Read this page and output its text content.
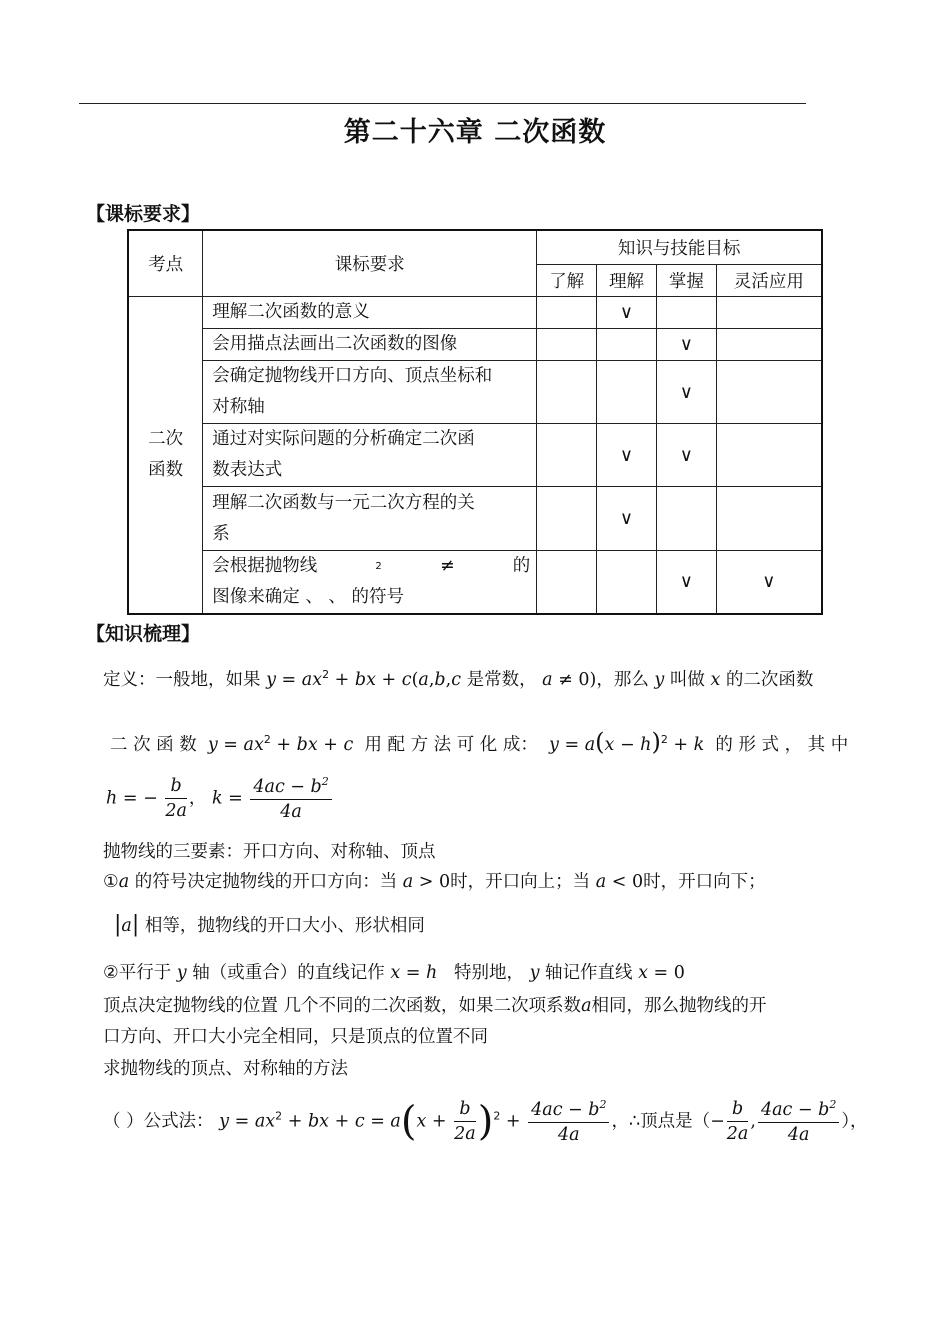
第二十六章 二次函数
【课标要求】
考点	课标要求	知识与技能目标			
		了解	理解	掌握	灵活应用
二次
函数	理解二次函数的意义		∨		
	会用描点法画出二次函数的图像			∨	
	会确定抛物线开口方向、顶点坐标和
对称轴			∨	
	通过对实际问题的分析确定二次函
数表达式		∨	∨	
	理解二次函数与一元二次方程的关
系		∨		

	会根据抛物线 2 ≠ 的
图像来确定 、 、 的符号			∨	∨
【知识梳理】
定义：一般地，如果 $y = ax^2$ + bx + c(a,b,c 是常数， a ≠ 0)，那么 y 叫做 x 的二次函数
二 次 函 数 $y = ax^2$ + bx + c 用 配 方 法 可 化 成： $y = a(x - h)^2 + k$ 的 形 式 ， 其 中
h = − $\frac{b}{2a}$ ， $k = \frac{4ac - b^2}{4a}$
抛物线的三要素：开口方向、对称轴、顶点
①a 的符号决定抛物线的开口方向：当 a > 0时，开口向上；当 a < 0时，开口向下；
|a| 相等，抛物线的开口大小、形状相同
②平行于 y 轴（或重合）的直线记作 x = h 特别地， y 轴记作直线 x = 0
顶点决定抛物线的位置 几个不同的二次函数，如果二次项系数a相同，那么抛物线的开
口方向、开口大小完全相同，只是顶点的位置不同
求抛物线的顶点、对称轴的方法
（ ）公式法： $y = ax^2$ + bx + $c = a(x + \frac{b}{2a} )^2 + \frac{4ac - b^2}{4a}$ ，∴顶点是（− $\frac{b}{2a}$ , $\frac{4ac - b^2}{4a}$ ），
